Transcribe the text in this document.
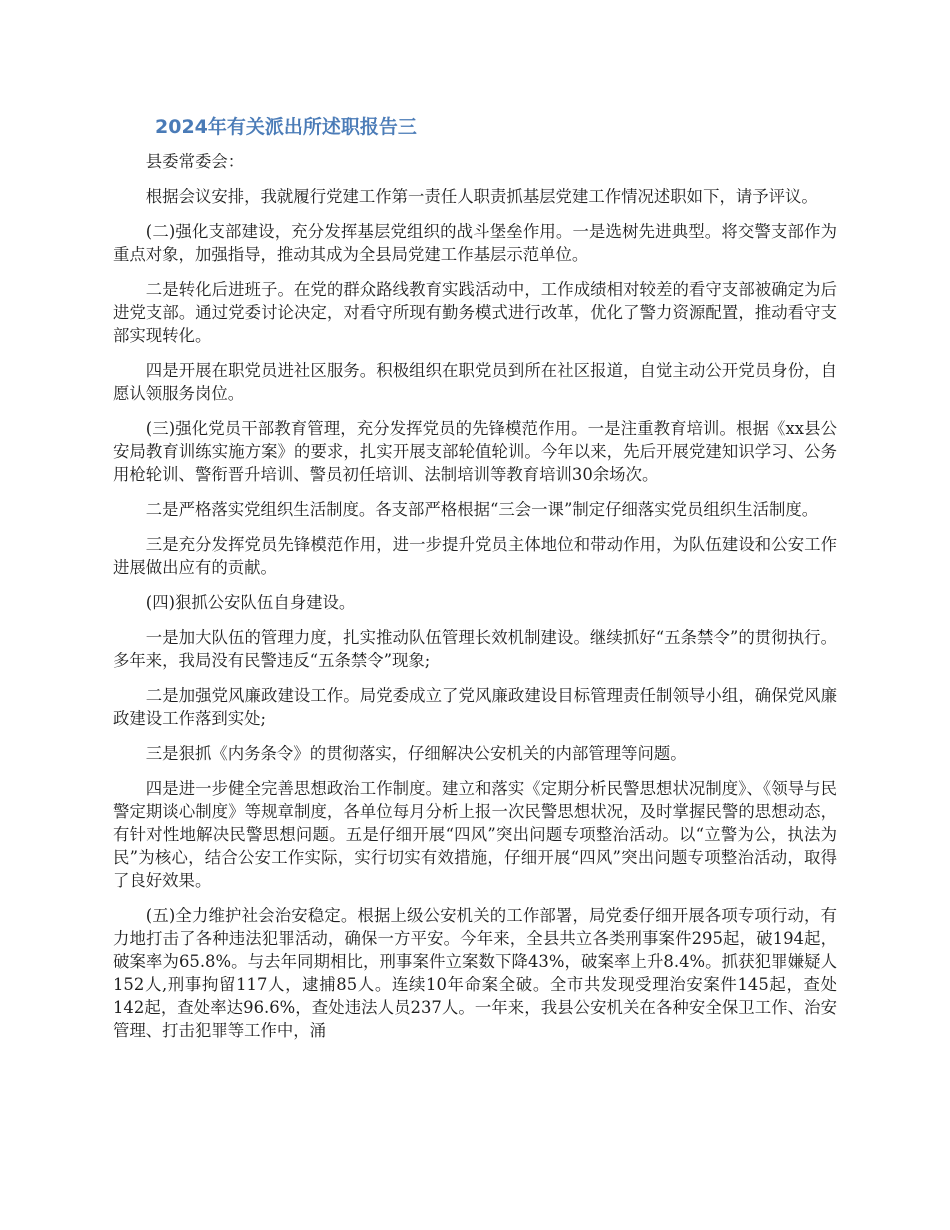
2024年有关派出所述职报告三

县委常委会：

根据会议安排，我就履行党建工作第一责任人职责抓基层党建工作情况述职如下，请予评议。

(二)强化支部建设，充分发挥基层党组织的战斗堡垒作用。一是选树先进典型。将交警支部作为重点对象，加强指导，推动其成为全县局党建工作基层示范单位。

二是转化后进班子。在党的群众路线教育实践活动中，工作成绩相对较差的看守支部被确定为后进党支部。通过党委讨论决定，对看守所现有勤务模式进行改革，优化了警力资源配置，推动看守支部实现转化。

四是开展在职党员进社区服务。积极组织在职党员到所在社区报道，自觉主动公开党员身份，自愿认领服务岗位。

(三)强化党员干部教育管理，充分发挥党员的先锋模范作用。一是注重教育培训。根据《xx县公安局教育训练实施方案》的要求，扎实开展支部轮值轮训。今年以来，先后开展党建知识学习、公务用枪轮训、警衔晋升培训、警员初任培训、法制培训等教育培训30余场次。

二是严格落实党组织生活制度。各支部严格根据“三会一课”制定仔细落实党员组织生活制度。

三是充分发挥党员先锋模范作用，进一步提升党员主体地位和带动作用，为队伍建设和公安工作进展做出应有的贡献。

(四)狠抓公安队伍自身建设。

一是加大队伍的管理力度，扎实推动队伍管理长效机制建设。继续抓好“五条禁令”的贯彻执行。多年来，我局没有民警违反“五条禁令”现象;

二是加强党风廉政建设工作。局党委成立了党风廉政建设目标管理责任制领导小组，确保党风廉政建设工作落到实处;

三是狠抓《内务条令》的贯彻落实，仔细解决公安机关的内部管理等问题。

四是进一步健全完善思想政治工作制度。建立和落实《定期分析民警思想状况制度》、《领导与民警定期谈心制度》等规章制度，各单位每月分析上报一次民警思想状况，及时掌握民警的思想动态，有针对性地解决民警思想问题。五是仔细开展“四风”突出问题专项整治活动。以“立警为公，执法为民”为核心，结合公安工作实际，实行切实有效措施，仔细开展“四风”突出问题专项整治活动，取得了良好效果。

(五)全力维护社会治安稳定。根据上级公安机关的工作部署，局党委仔细开展各项专项行动，有力地打击了各种违法犯罪活动，确保一方平安。今年来，全县共立各类刑事案件295起，破194起，破案率为65.8%。与去年同期相比，刑事案件立案数下降43%，破案率上升8.4%。抓获犯罪嫌疑人152人,刑事拘留117人，逮捕85人。连续10年命案全破。全市共发现受理治安案件145起，查处142起，查处率达96.6%，查处违法人员237人。一年来，我县公安机关在各种安全保卫工作、治安管理、打击犯罪等工作中，涌
